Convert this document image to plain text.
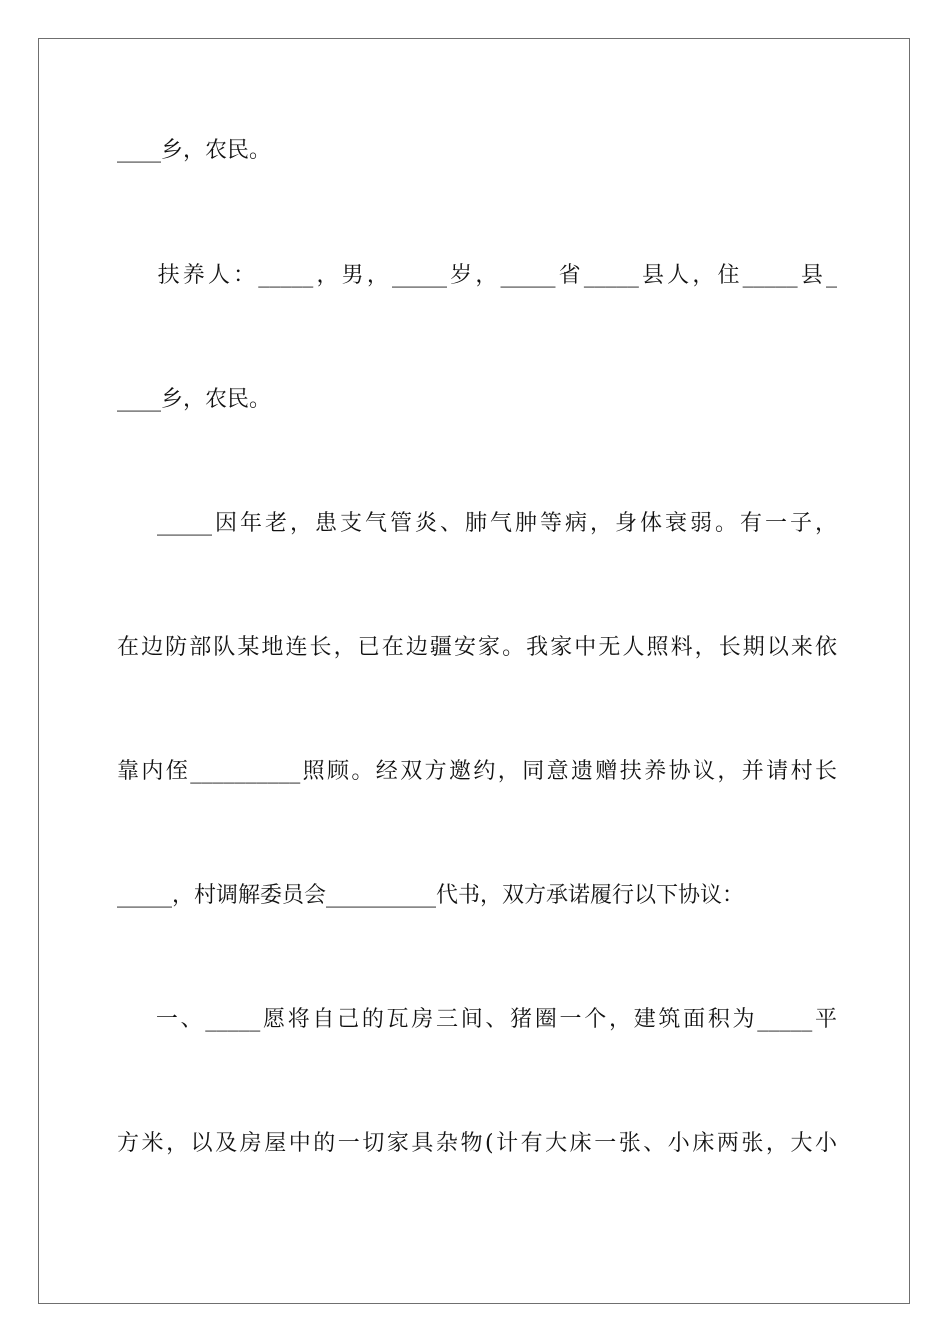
____乡，农民。
扶养人：_____，男，_____岁，_____省_____县人，住_____县_
____乡，农民。
_____因年老，患支气管炎、肺气肿等病，身体衰弱。有一子，
在边防部队某地连长，已在边疆安家。我家中无人照料，长期以来依
靠内侄__________照顾。经双方邀约，同意遗赠扶养协议，并请村长
_____，村调解委员会__________代书，双方承诺履行以下协议：
一、_____愿将自己的瓦房三间、猪圈一个，建筑面积为_____平
方米，以及房屋中的一切家具杂物(计有大床一张、小床两张，大小
